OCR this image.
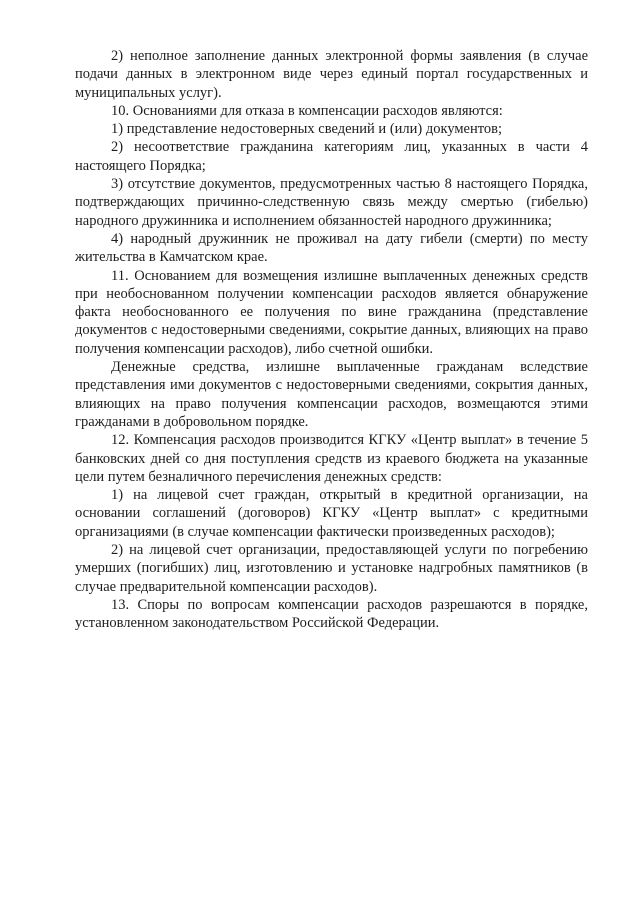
2) неполное заполнение данных электронной формы заявления (в случае подачи данных в электронном виде через единый портал государственных и муниципальных услуг).

10. Основаниями для отказа в компенсации расходов являются:

1) представление недостоверных сведений и (или) документов;

2) несоответствие гражданина категориям лиц, указанных в части 4 настоящего Порядка;

3) отсутствие документов, предусмотренных частью 8 настоящего Порядка, подтверждающих причинно-следственную связь между смертью (гибелью) народного дружинника и исполнением обязанностей народного дружинника;

4) народный дружинник не проживал на дату гибели (смерти) по месту жительства в Камчатском крае.

11. Основанием для возмещения излишне выплаченных денежных средств при необоснованном получении компенсации расходов является обнаружение факта необоснованного ее получения по вине гражданина (представление документов с недостоверными сведениями, сокрытие данных, влияющих на право получения компенсации расходов), либо счетной ошибки.

Денежные средства, излишне выплаченные гражданам вследствие представления ими документов с недостоверными сведениями, сокрытия данных, влияющих на право получения компенсации расходов, возмещаются этими гражданами в добровольном порядке.

12. Компенсация расходов производится КГКУ «Центр выплат» в течение 5 банковских дней со дня поступления средств из краевого бюджета на указанные цели путем безналичного перечисления денежных средств:

1) на лицевой счет граждан, открытый в кредитной организации, на основании соглашений (договоров) КГКУ «Центр выплат» с кредитными организациями (в случае компенсации фактически произведенных расходов);

2) на лицевой счет организации, предоставляющей услуги по погребению умерших (погибших) лиц, изготовлению и установке надгробных памятников (в случае предварительной компенсации расходов).

13. Споры по вопросам компенсации расходов разрешаются в порядке, установленном законодательством Российской Федерации.
